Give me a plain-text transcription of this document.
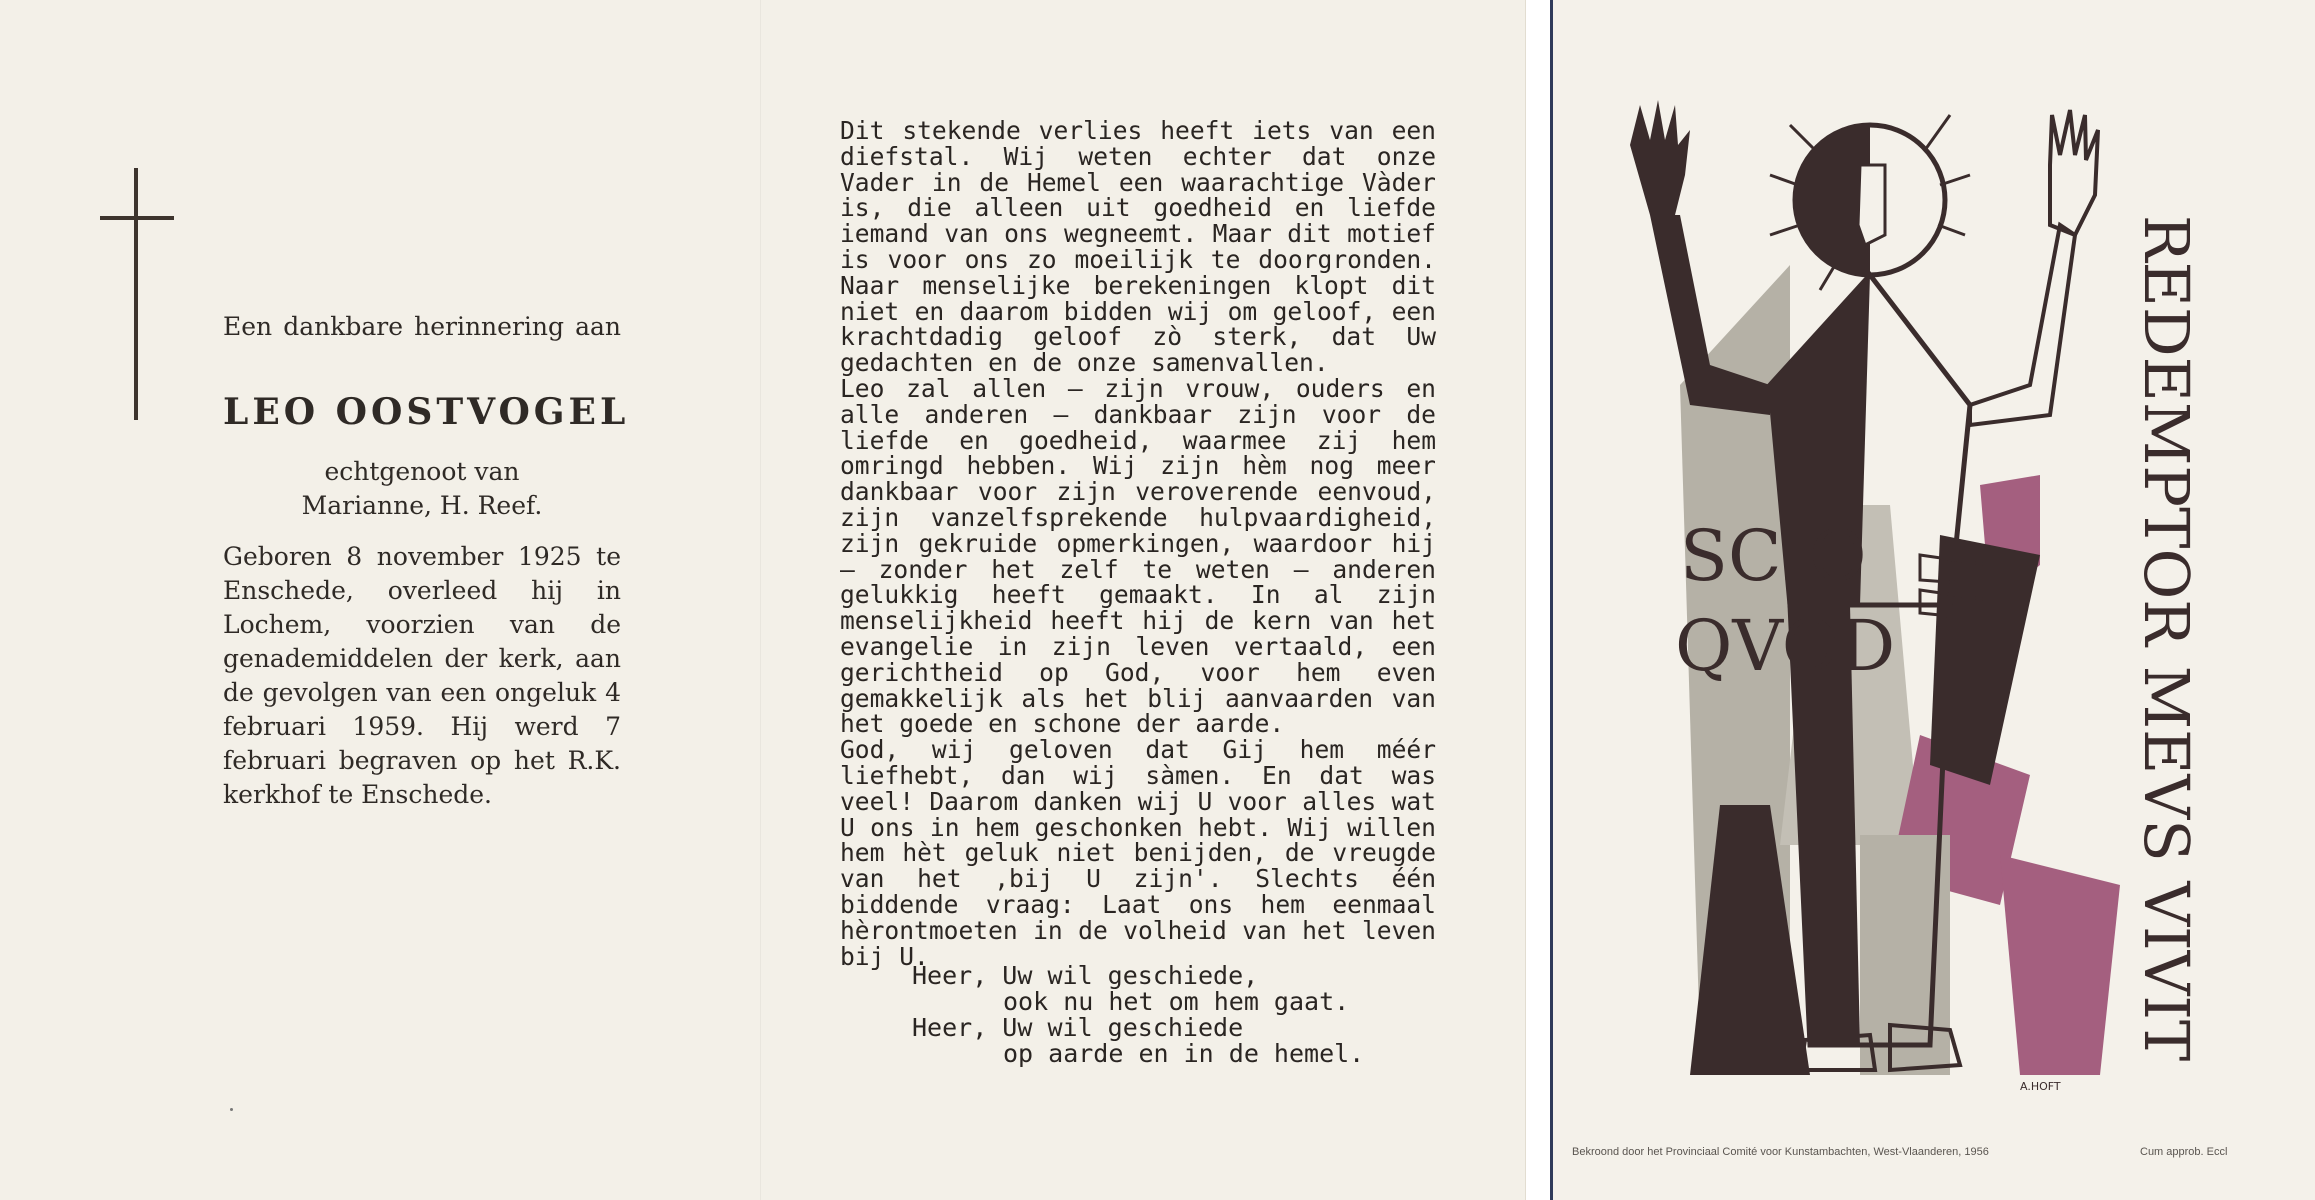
Een dankbare herinnering aan
LEO OOSTVOGEL
echtgenoot van
Marianne, H. Reef.
Geboren 8 november 1925 te Enschede, overleed hij in Lochem, voorzien van de genademiddelen der kerk, aan de gevolgen van een ongeluk 4 februari 1959. Hij werd 7 februari begraven op het R.K. kerkhof te Enschede.

Dit stekende verlies heeft iets van een diefstal. Wij weten echter dat onze Vader in de Hemel een waarachtige Vàder is, die alleen uit goedheid en liefde iemand van ons wegneemt. Maar dit motief is voor ons zo moeilijk te doorgronden. Naar menselijke berekeningen klopt dit niet en daarom bidden wij om geloof, een krachtdadig geloof zò sterk, dat Uw gedachten en de onze samenvallen.

Leo zal allen — zijn vrouw, ouders en alle anderen — dankbaar zijn voor de liefde en goedheid, waarmee zij hem omringd hebben. Wij zijn hèm nog meer dankbaar voor zijn veroverende eenvoud, zijn vanzelfsprekende hulpvaardigheid, zijn gekruide opmerkingen, waardoor hij — zonder het zelf te weten — anderen gelukkig heeft gemaakt. In al zijn menselijkheid heeft hij de kern van het evangelie in zijn leven vertaald, een gerichtheid op God, voor hem even gemakkelijk als het blij aanvaarden van het goede en schone der aarde.

God, wij geloven dat Gij hem méér liefhebt, dan wij sàmen. En dat was veel! Daarom danken wij U voor alles wat U ons in hem geschonken hebt. Wij willen hem hèt geluk niet benijden, de vreugde van het ,bij U zijn'. Slechts één biddende vraag: Laat ons hem eenmaal hèrontmoeten in de volheid van het leven bij U.

Heer, Uw wil geschiede,
ook nu het om hem gaat.
Heer, Uw wil geschiede
op aarde en in de hemel.
SCIO
QVOD	REDEMPTOR MEVS VIVIT
A.HOFT
Bekroond door het Provinciaal Comité voor Kunstambachten, West-Vlaanderen, 1956	Cum approb. Eccl
